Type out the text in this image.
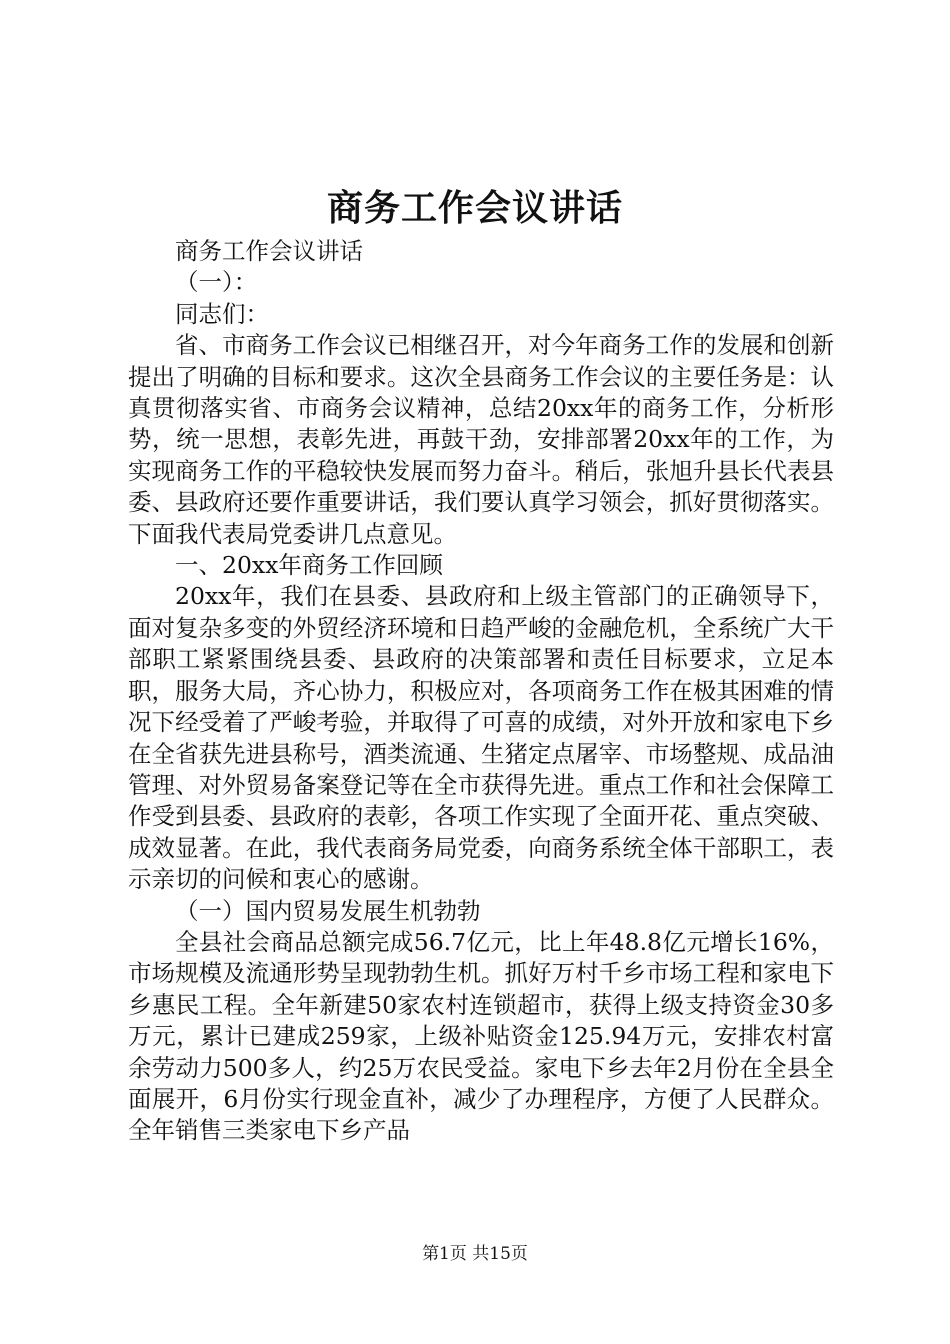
商务工作会议讲话

商务工作会议讲话

（一）：

同志们：

省、市商务工作会议已相继召开，对今年商务工作的发展和创新提出了明确的目标和要求。这次全县商务工作会议的主要任务是：认真贯彻落实省、市商务会议精神，总结20xx年的商务工作，分析形势，统一思想，表彰先进，再鼓干劲，安排部署20xx年的工作，为实现商务工作的平稳较快发展而努力奋斗。稍后，张旭升县长代表县委、县政府还要作重要讲话，我们要认真学习领会，抓好贯彻落实。下面我代表局党委讲几点意见。

一、20xx年商务工作回顾

20xx年，我们在县委、县政府和上级主管部门的正确领导下，面对复杂多变的外贸经济环境和日趋严峻的金融危机，全系统广大干部职工紧紧围绕县委、县政府的决策部署和责任目标要求，立足本职，服务大局，齐心协力，积极应对，各项商务工作在极其困难的情况下经受着了严峻考验，并取得了可喜的成绩，对外开放和家电下乡在全省获先进县称号，酒类流通、生猪定点屠宰、市场整规、成品油管理、对外贸易备案登记等在全市获得先进。重点工作和社会保障工作受到县委、县政府的表彰，各项工作实现了全面开花、重点突破、成效显著。在此，我代表商务局党委，向商务系统全体干部职工，表示亲切的问候和衷心的感谢。

（一）国内贸易发展生机勃勃

全县社会商品总额完成56.7亿元，比上年48.8亿元增长16%，市场规模及流通形势呈现勃勃生机。抓好万村千乡市场工程和家电下乡惠民工程。全年新建50家农村连锁超市，获得上级支持资金30多万元，累计已建成259家，上级补贴资金125.94万元，安排农村富余劳动力500多人，约25万农民受益。家电下乡去年2月份在全县全面展开，6月份实行现金直补，减少了办理程序，方便了人民群众。全年销售三类家电下乡产品

第1页 共15页
